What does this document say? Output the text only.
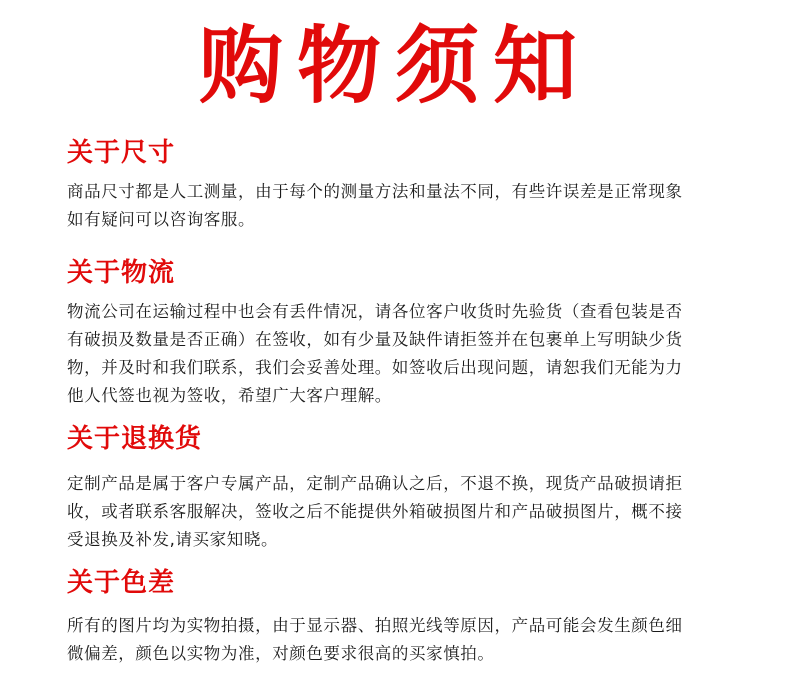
购物须知
关于尺寸
商品尺寸都是人工测量，由于每个的测量方法和量法不同，有些许误差是正常现象
如有疑问可以咨询客服。
关于物流
物流公司在运输过程中也会有丢件情况，请各位客户收货时先验货（查看包装是否
有破损及数量是否正确）在签收，如有少量及缺件请拒签并在包裹单上写明缺少货
物，并及时和我们联系，我们会妥善处理。如签收后出现问题，请恕我们无能为力
他人代签也视为签收，希望广大客户理解。
关于退换货
定制产品是属于客户专属产品，定制产品确认之后，不退不换，现货产品破损请拒
收，或者联系客服解决，签收之后不能提供外箱破损图片和产品破损图片，概不接
受退换及补发,请买家知晓。
关于色差
所有的图片均为实物拍摄，由于显示器、拍照光线等原因，产品可能会发生颜色细
微偏差，颜色以实物为准，对颜色要求很高的买家慎拍。
